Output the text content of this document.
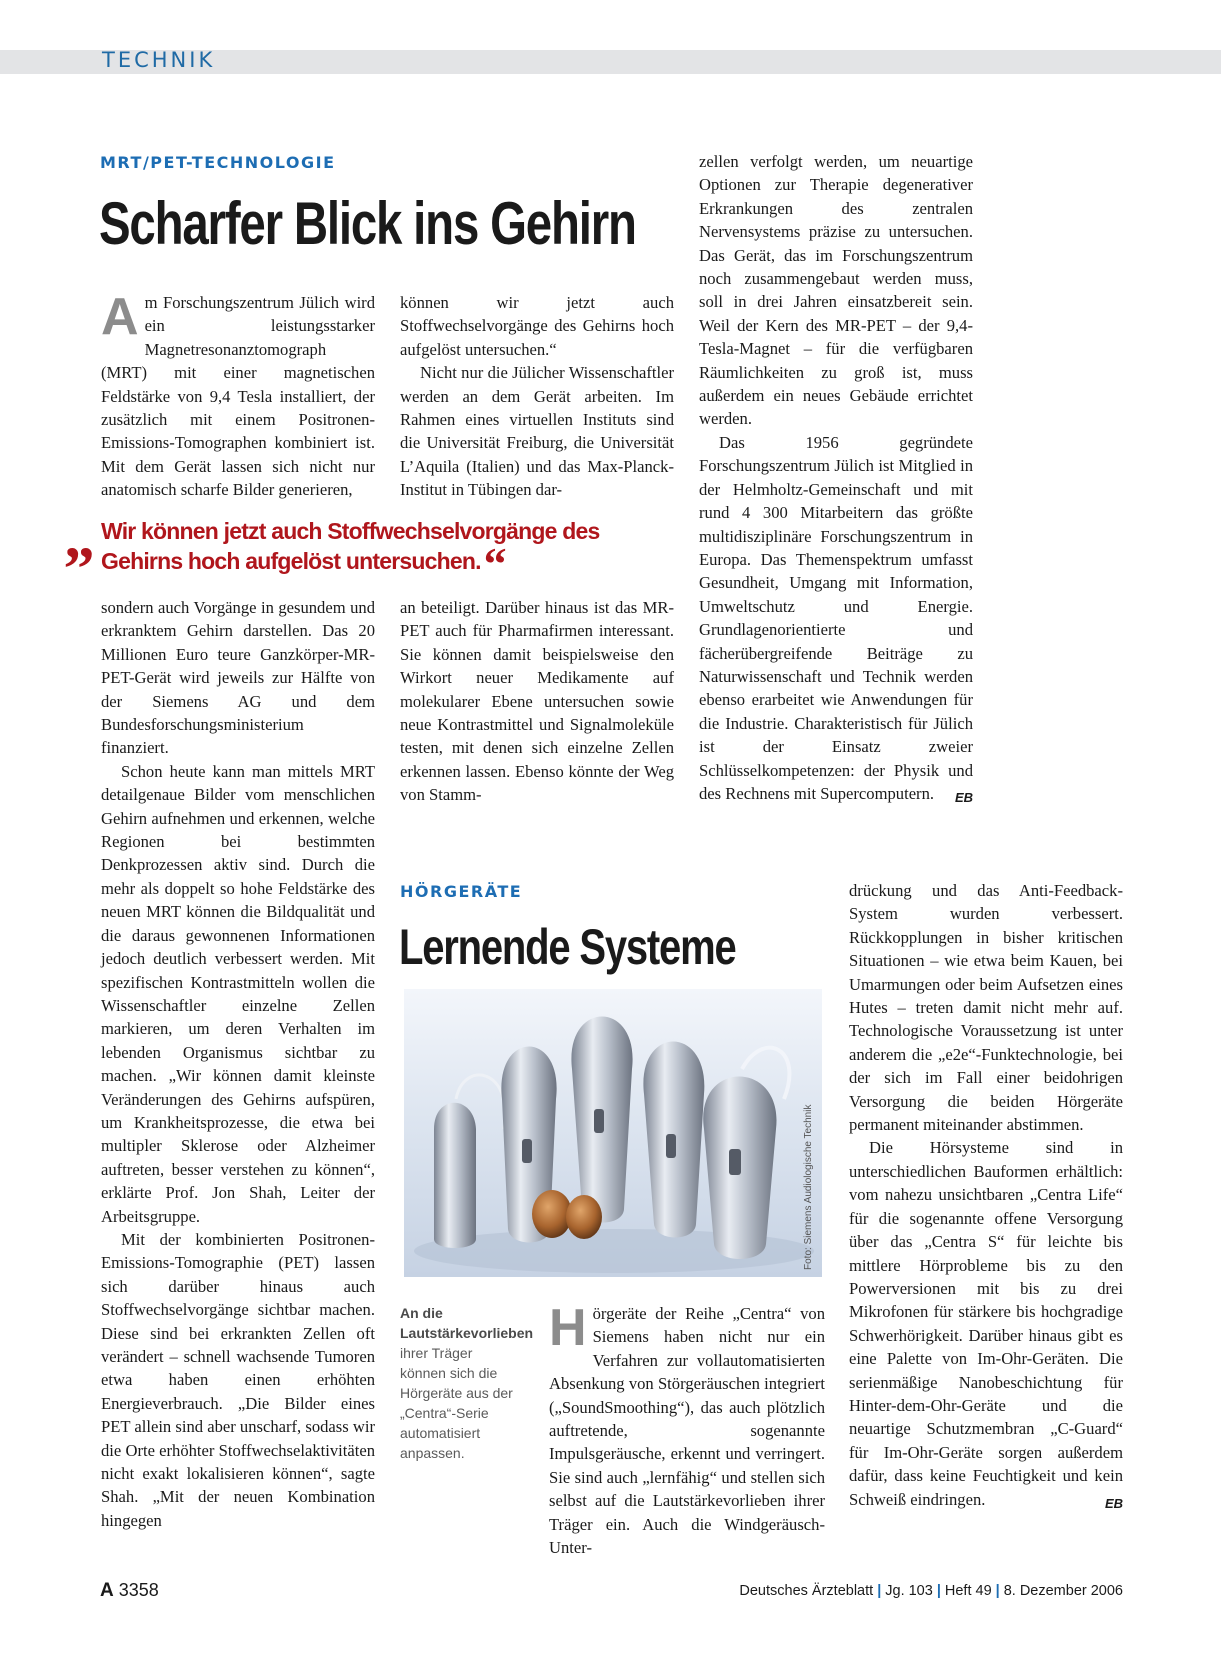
TECHNIK
MRT/PET-TECHNOLOGIE
Scharfer Blick ins Gehirn

Am Forschungszentrum Jülich wird ein leistungsstarker Magnetresonanztomograph (MRT) mit einer magnetischen Feldstärke von 9,4 Tesla installiert, der zusätzlich mit einem Positronen-Emissions-Tomographen kombiniert ist. Mit dem Gerät lassen sich nicht nur anatomisch scharfe Bilder generieren,

können wir jetzt auch Stoffwechselvorgänge des Gehirns hoch aufgelöst untersuchen.“

Nicht nur die Jülicher Wissenschaftler werden an dem Gerät arbeiten. Im Rahmen eines virtuellen Instituts sind die Universität Freiburg, die Universität L’Aquila (Italien) und das Max-Planck-Institut in Tübingen dar-

„ Wir können jetzt auch Stoffwechselvorgänge des Gehirns hoch aufgelöst untersuchen.“

sondern auch Vorgänge in gesundem und erkranktem Gehirn darstellen. Das 20 Millionen Euro teure Ganzkörper-MR-PET-Gerät wird jeweils zur Hälfte von der Siemens AG und dem Bundesforschungsministerium finanziert.

Schon heute kann man mittels MRT detailgenaue Bilder vom menschlichen Gehirn aufnehmen und erkennen, welche Regionen bei bestimmten Denkprozessen aktiv sind. Durch die mehr als doppelt so hohe Feldstärke des neuen MRT können die Bildqualität und die daraus gewonnenen Informationen jedoch deutlich verbessert werden. Mit spezifischen Kontrastmitteln wollen die Wissenschaftler einzelne Zellen markieren, um deren Verhalten im lebenden Organismus sichtbar zu machen. „Wir können damit kleinste Veränderungen des Gehirns aufspüren, um Krankheitsprozesse, die etwa bei multipler Sklerose oder Alzheimer auftreten, besser verstehen zu können“, erklärte Prof. Jon Shah, Leiter der Arbeitsgruppe.

Mit der kombinierten Positronen-Emissions-Tomographie (PET) lassen sich darüber hinaus auch Stoffwechselvorgänge sichtbar machen. Diese sind bei erkrankten Zellen oft verändert – schnell wachsende Tumoren etwa haben einen erhöhten Energieverbrauch. „Die Bilder eines PET allein sind aber unscharf, sodass wir die Orte erhöhter Stoffwechselaktivitäten nicht exakt lokalisieren können“, sagte Shah. „Mit der neuen Kombination hingegen

an beteiligt. Darüber hinaus ist das MR-PET auch für Pharmafirmen interessant. Sie können damit beispielsweise den Wirkort neuer Medikamente auf molekularer Ebene untersuchen sowie neue Kontrastmittel und Signalmoleküle testen, mit denen sich einzelne Zellen erkennen lassen. Ebenso könnte der Weg von Stamm-

zellen verfolgt werden, um neuartige Optionen zur Therapie degenerativer Erkrankungen des zentralen Nervensystems präzise zu untersuchen. Das Gerät, das im Forschungszentrum noch zusammengebaut werden muss, soll in drei Jahren einsatzbereit sein. Weil der Kern des MR-PET – der 9,4-Tesla-Magnet – für die verfügbaren Räumlichkeiten zu groß ist, muss außerdem ein neues Gebäude errichtet werden.

Das 1956 gegründete Forschungszentrum Jülich ist Mitglied in der Helmholtz-Gemeinschaft und mit rund 4 300 Mitarbeitern das größte multidisziplinäre Forschungszentrum in Europa. Das Themenspektrum umfasst Gesundheit, Umgang mit Information, Umweltschutz und Energie. Grundlagenorientierte und fächerübergreifende Beiträge zu Naturwissenschaft und Technik werden ebenso erarbeitet wie Anwendungen für die Industrie. Charakteristisch für Jülich ist der Einsatz zweier Schlüsselkompetenzen: der Physik und des Rechnens mit Supercomputern.	EB

HÖRGERÄTE
Lernende Systeme
Foto: Siemens Audiologische Technik
An die Lautstärkevorlieben ihrer Träger können sich die Hörgeräte aus der „Centra“-Serie automatisiert anpassen.

Hörgeräte der Reihe „Centra“ von Siemens haben nicht nur ein Verfahren zur vollautomatisierten Absenkung von Störgeräuschen integriert („SoundSmoothing“), das auch plötzlich auftretende, sogenannte Impulsgeräusche, erkennt und verringert. Sie sind auch „lernfähig“ und stellen sich selbst auf die Lautstärkevorlieben ihrer Träger ein. Auch die Windgeräusch-Unter-

drückung und das Anti-Feedback-System wurden verbessert. Rückkopplungen in bisher kritischen Situationen – wie etwa beim Kauen, bei Umarmungen oder beim Aufsetzen eines Hutes – treten damit nicht mehr auf. Technologische Voraussetzung ist unter anderem die „e2e“-Funktechnologie, bei der sich im Fall einer beidohrigen Versorgung die beiden Hörgeräte permanent miteinander abstimmen.

Die Hörsysteme sind in unterschiedlichen Bauformen erhältlich: vom nahezu unsichtbaren „Centra Life“ für die sogenannte offene Versorgung über das „Centra S“ für leichte bis mittlere Hörprobleme bis zu den Powerversionen mit bis zu drei Mikrofonen für stärkere bis hochgradige Schwerhörigkeit. Darüber hinaus gibt es eine Palette von Im-Ohr-Geräten. Die serienmäßige Nanobeschichtung für Hinter-dem-Ohr-Geräte und die neuartige Schutzmembran „C-Guard“ für Im-Ohr-Geräte sorgen außerdem dafür, dass keine Feuchtigkeit und kein Schweiß eindringen.	EB

A 3358	Deutsches Ärzteblatt | Jg. 103 | Heft 49 | 8. Dezember 2006
